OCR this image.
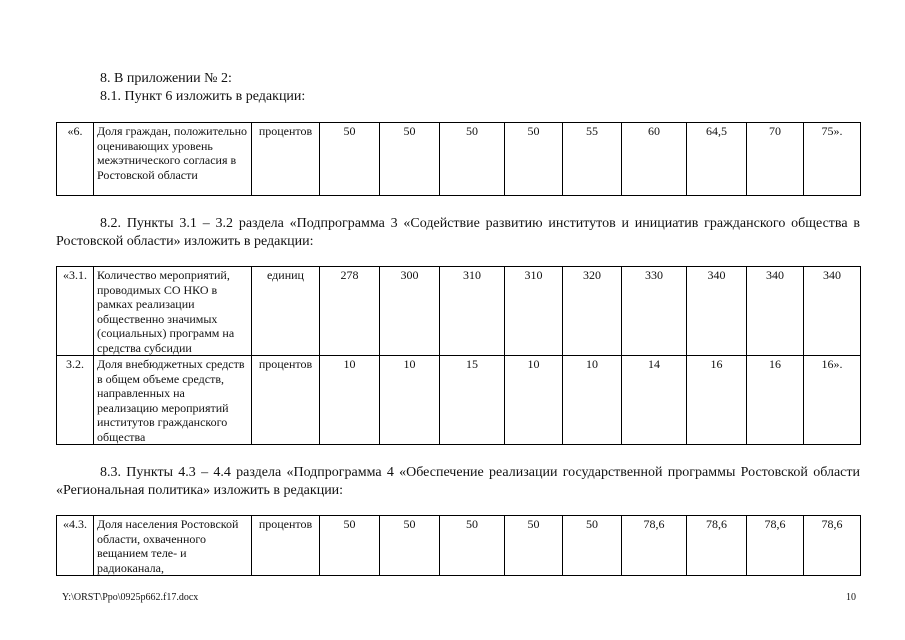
8. В приложении № 2:
8.1. Пункт 6 изложить в редакции:
«6.	Доля граждан, положительно оценивающих уровень межэтнического согласия в Ростовской области	процентов	50	50	50	50	55	60	64,5	70	75».
8.2. Пункты 3.1 – 3.2 раздела «Подпрограмма 3 «Содействие развитию институтов и инициатив гражданского общества в Ростовской области» изложить в редакции:
«3.1.	Количество мероприятий, проводимых СО НКО в рамках реализации общественно значимых (социальных) программ на средства субсидии	единиц	278	300	310	310	320	330	340	340	340
3.2.	Доля внебюджетных средств в общем объеме средств, направленных на реализацию мероприятий институтов гражданского общества	процентов	10	10	15	10	10	14	16	16	16».
8.3. Пункты 4.3 – 4.4 раздела «Подпрограмма 4 «Обеспечение реализации государственной программы Ростовской области «Региональная политика» изложить в редакции:
«4.3.	Доля населения Ростовской области, охваченного вещанием теле- и радиоканала,	процентов	50	50	50	50	50	78,6	78,6	78,6	78,6
Y:\ORST\Ppo\0925p662.f17.docx	10
